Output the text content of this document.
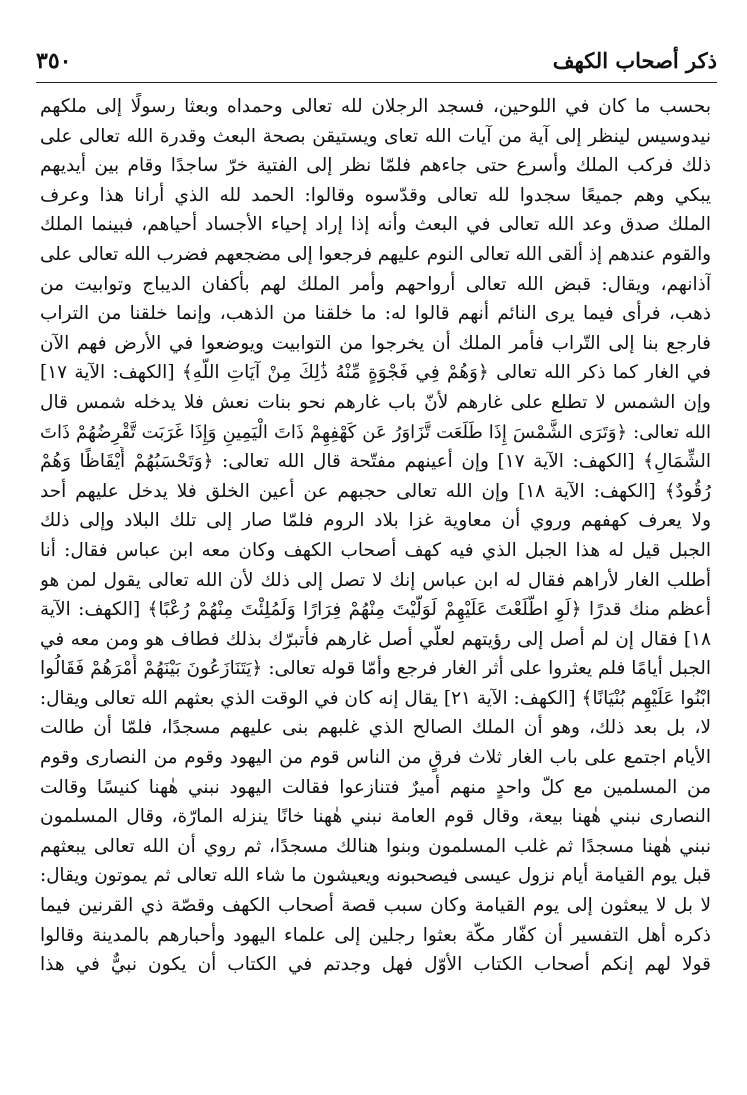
ذكر أصحاب الكهف
٣٥٠
بحسب ما كان في اللوحين، فسجد الرجلان لله تعالى وحمداه وبعثا رسولًا إلى ملكهم
نيدوسيس لينظر إلى آية من آيات الله تعاى ويستيقن بصحة البعث وقدرة الله تعالى على
ذلك فركب الملك وأسرع حتى جاءهم فلمّا نظر إلى الفتية خرّ ساجدًا وقام بين أيديهم
يبكي وهم جميعًا سجدوا لله تعالى وقدّسوه وقالوا: الحمد لله الذي أرانا هذا وعرف
الملك صدق وعد الله تعالى في البعث وأنه إذا إراد إحياء الأجساد أحياهم، فبينما الملك
والقوم عندهم إذ ألقى الله تعالى النوم عليهم فرجعوا إلى مضجعهم فضرب الله تعالى على
آذانهم، ويقال: قبض الله تعالى أرواحهم وأمر الملك لهم بأكفان الديباج وتوابيت من
ذهب، فرأى فيما يرى النائم أنهم قالوا له: ما خلقنا من الذهب، وإنما خلقنا من التراب
فارجع بنا إلى التّراب فأمر الملك أن يخرجوا من التوابيت ويوضعوا في الأرض فهم الآن
في الغار كما ذكر الله تعالى ﴿وَهُمْ فِي فَجْوَةٍ مِّنْهُ ذَٰلِكَ مِنْ آيَاتِ اللَّهِ﴾ [الكهف: الآية ١٧]
وإن الشمس لا تطلع على غارهم لأنّ باب غارهم نحو بنات نعش فلا يدخله شمس قال
الله تعالى: ﴿وَتَرَى الشَّمْسَ إِذَا طَلَعَت تَّزَاوَرُ عَن كَهْفِهِمْ ذَاتَ الْيَمِينِ وَإِذَا غَرَبَت تَّقْرِضُهُمْ ذَاتَ
الشِّمَالِ﴾ [الكهف: الآية ١٧] وإن أعينهم مفتّحة قال الله تعالى: ﴿وَتَحْسَبُهُمْ أَيْقَاظًا وَهُمْ
رُقُودٌ﴾ [الكهف: الآية ١٨] وإن الله تعالى حجبهم عن أعين الخلق فلا يدخل عليهم أحد
ولا يعرف كهفهم وروي أن معاوية غزا بلاد الروم فلمّا صار إلى تلك البلاد وإلى ذلك
الجبل قيل له هذا الجبل الذي فيه كهف أصحاب الكهف وكان معه ابن عباس فقال: أنا
أطلب الغار لأراهم فقال له ابن عباس إنك لا تصل إلى ذلك لأن الله تعالى يقول لمن هو
أعظم منك قدرًا ﴿لَوِ اطَّلَعْتَ عَلَيْهِمْ لَوَلَّيْتَ مِنْهُمْ فِرَارًا وَلَمُلِئْتَ مِنْهُمْ رُعْبًا﴾ [الكهف: الآية
١٨] فقال إن لم أصل إلى رؤيتهم لعلّي أصل غارهم فأتبرّك بذلك فطاف هو ومن معه في
الجبل أيامًا فلم يعثروا على أثر الغار فرجع وأمّا قوله تعالى: ﴿يَتَنَازَعُونَ بَيْنَهُمْ أَمْرَهُمْ فَقَالُوا
ابْنُوا عَلَيْهِم بُنْيَانًا﴾ [الكهف: الآية ٢١] يقال إنه كان في الوقت الذي بعثهم الله تعالى ويقال:
لا، بل بعد ذلك، وهو أن الملك الصالح الذي غلبهم بنى عليهم مسجدًا، فلمّا أن طالت
الأيام اجتمع على باب الغار ثلاث فرقٍ من الناس قوم من اليهود وقوم من النصارى وقوم
من المسلمين مع كلّ واحدٍ منهم أميرٌ فتنازعوا فقالت اليهود نبني هٰهنا كنيسًا وقالت
النصارى نبني هٰهنا بيعة، وقال قوم العامة نبني هٰهنا خانًا ينزله المارّة، وقال المسلمون
نبني هٰهنا مسجدًا ثم غلب المسلمون وبنوا هنالك مسجدًا، ثم روي أن الله تعالى يبعثهم
قبل يوم القيامة أيام نزول عيسى فيصحبونه ويعيشون ما شاء الله تعالى ثم يموتون ويقال:
لا بل لا يبعثون إلى يوم القيامة وكان سبب قصة أصحاب الكهف وقصّة ذي القرنين فيما
ذكره أهل التفسير أن كفّار مكّة بعثوا رجلين إلى علماء اليهود وأحبارهم بالمدينة وقالوا
قولا لهم إنكم أصحاب الكتاب الأوّل فهل وجدتم في الكتاب أن يكون نبيٌّ في هذا
